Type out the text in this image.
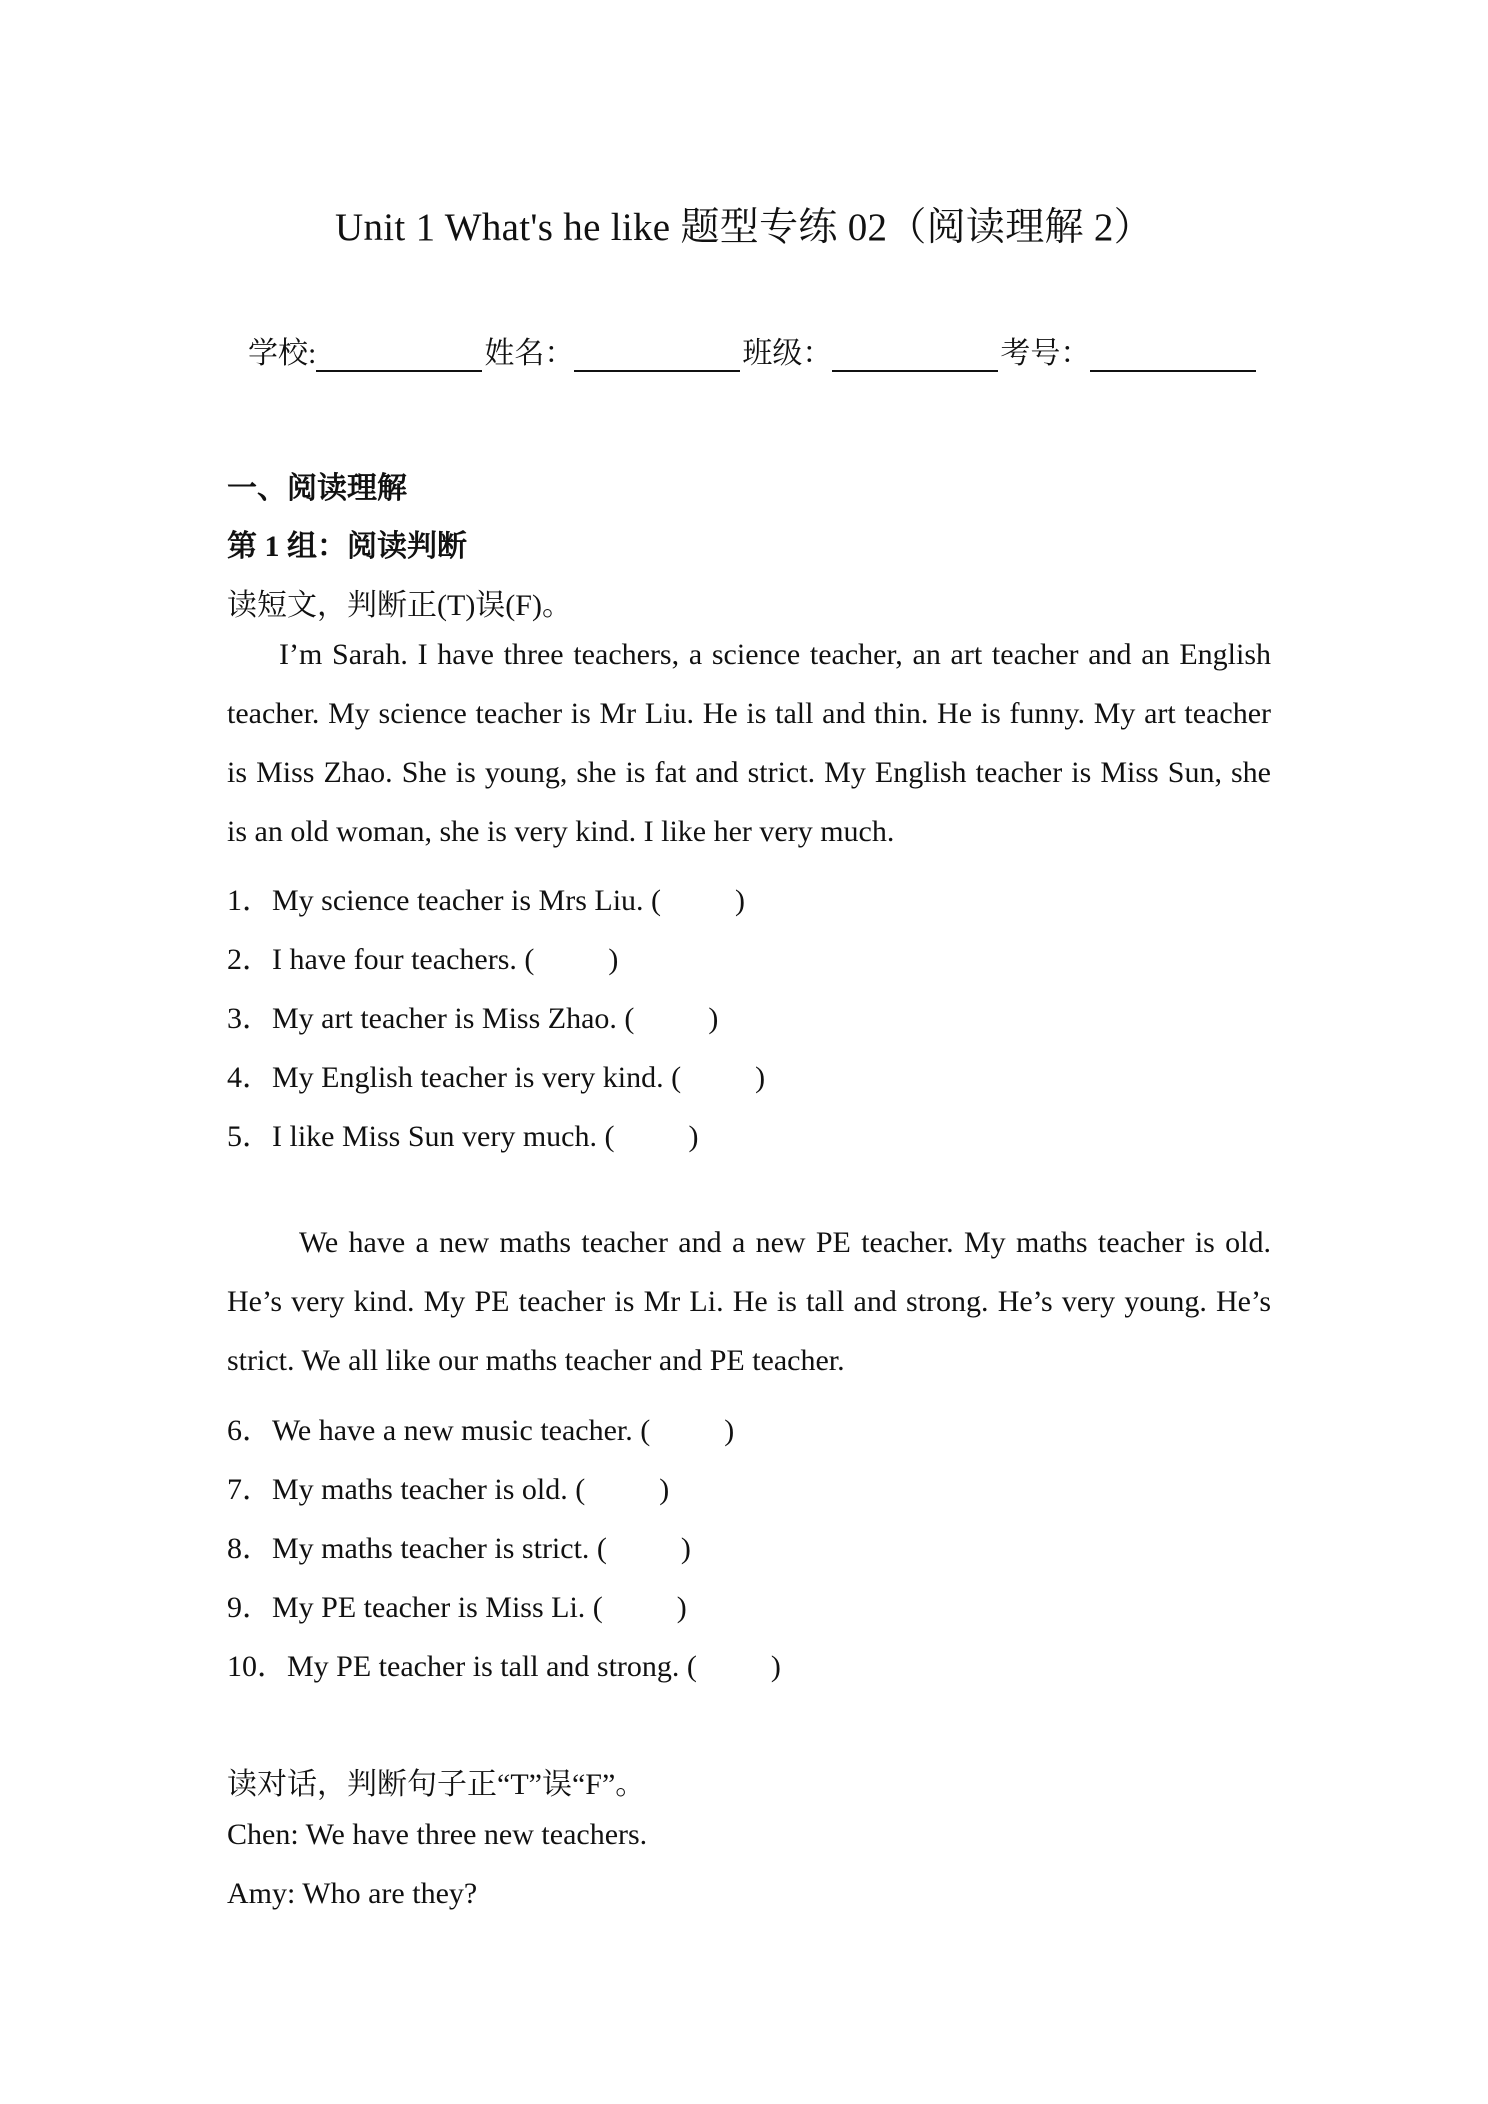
Unit 1 What's he like 题型专练 02（阅读理解 2）
学校:	姓名：	班级：	考号：
一、阅读理解
第 1 组：阅读判断
读短文，判断正(T)误(F)。
I’m Sarah. I have three teachers, a science teacher, an art teacher and an English teacher. My science teacher is Mr Liu. He is tall and thin. He is funny. My art teacher is Miss Zhao. She is young, she is fat and strict. My English teacher is Miss Sun, she is an old woman, she is very kind. I like her very much.
1．My science teacher is Mrs Liu. ( )
2．I have four teachers. ( )
3．My art teacher is Miss Zhao. ( )
4．My English teacher is very kind. ( )
5．I like Miss Sun very much. ( )
We have a new maths teacher and a new PE teacher. My maths teacher is old. He’s very kind. My PE teacher is Mr Li. He is tall and strong. He’s very young. He’s strict. We all like our maths teacher and PE teacher.
6．We have a new music teacher. ( )
7．My maths teacher is old. ( )
8．My maths teacher is strict. ( )
9．My PE teacher is Miss Li. ( )
10．My PE teacher is tall and strong. ( )
读对话，判断句子正“T”误“F”。
Chen: We have three new teachers.
Amy: Who are they?
